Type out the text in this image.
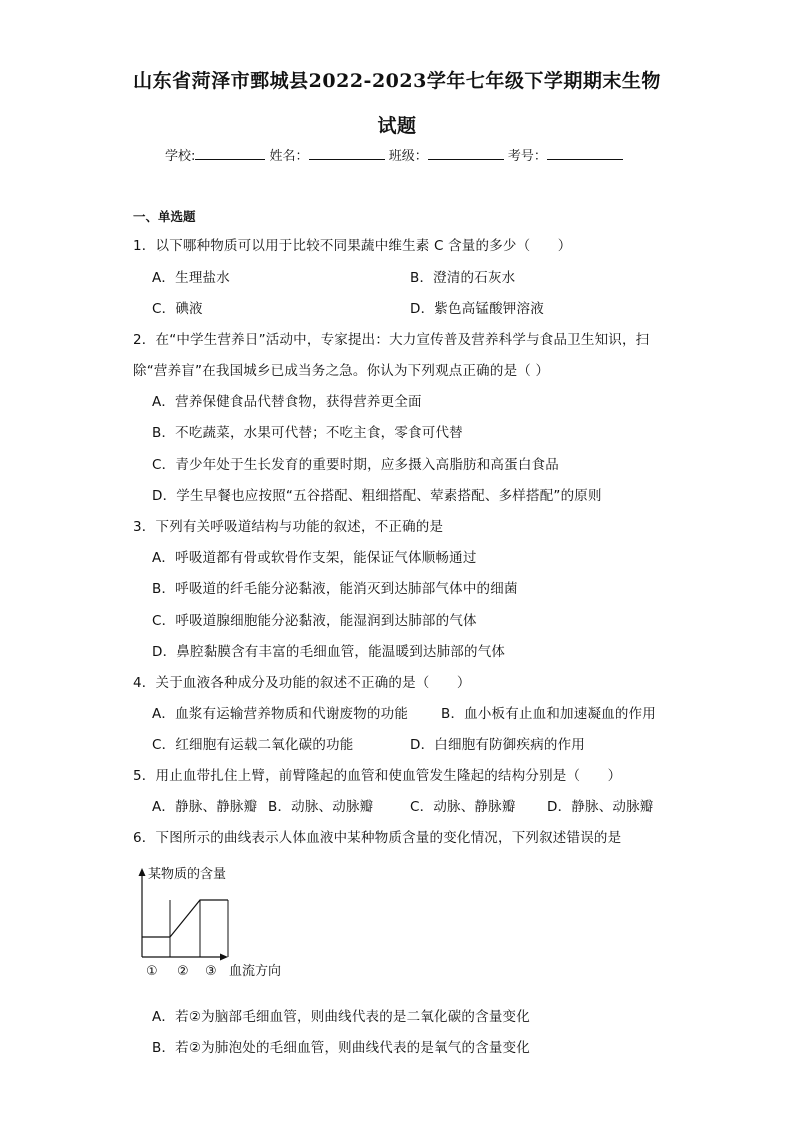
山东省菏泽市鄄城县2022-2023学年七年级下学期期末生物
试题
学校:	姓名：	班级：	考号：
一、单选题
1．以下哪种物质可以用于比较不同果蔬中维生素 C 含量的多少（　　）
A．生理盐水	B．澄清的石灰水
C．碘液	D．紫色高锰酸钾溶液
2．在“中学生营养日”活动中，专家提出：大力宣传普及营养科学与食品卫生知识，扫
除“营养盲”在我国城乡已成当务之急。你认为下列观点正确的是（ ）
A．营养保健食品代替食物，获得营养更全面
B．不吃蔬菜，水果可代替；不吃主食，零食可代替
C．青少年处于生长发育的重要时期，应多摄入高脂肪和高蛋白食品
D．学生早餐也应按照“五谷搭配、粗细搭配、荤素搭配、多样搭配”的原则
3．下列有关呼吸道结构与功能的叙述，不正确的是
A．呼吸道都有骨或软骨作支架，能保证气体顺畅通过
B．呼吸道的纤毛能分泌黏液，能消灭到达肺部气体中的细菌
C．呼吸道腺细胞能分泌黏液，能湿润到达肺部的气体
D．鼻腔黏膜含有丰富的毛细血管，能温暖到达肺部的气体
4．关于血液各种成分及功能的叙述不正确的是（　　）
A．血浆有运输营养物质和代谢废物的功能 B．血小板有止血和加速凝血的作用
C．红细胞有运载二氧化碳的功能	D．白细胞有防御疾病的作用
5．用止血带扎住上臂，前臂隆起的血管和使血管发生隆起的结构分别是（　　）
A．静脉、静脉瓣 B．动脉、动脉瓣	C．动脉、静脉瓣 D．静脉、动脉瓣
6．下图所示的曲线表示人体血液中某种物质含量的变化情况，下列叙述错误的是
某物质的含量
① ② ③ 血流方向
A．若②为脑部毛细血管，则曲线代表的是二氧化碳的含量变化
B．若②为肺泡处的毛细血管，则曲线代表的是氧气的含量变化
